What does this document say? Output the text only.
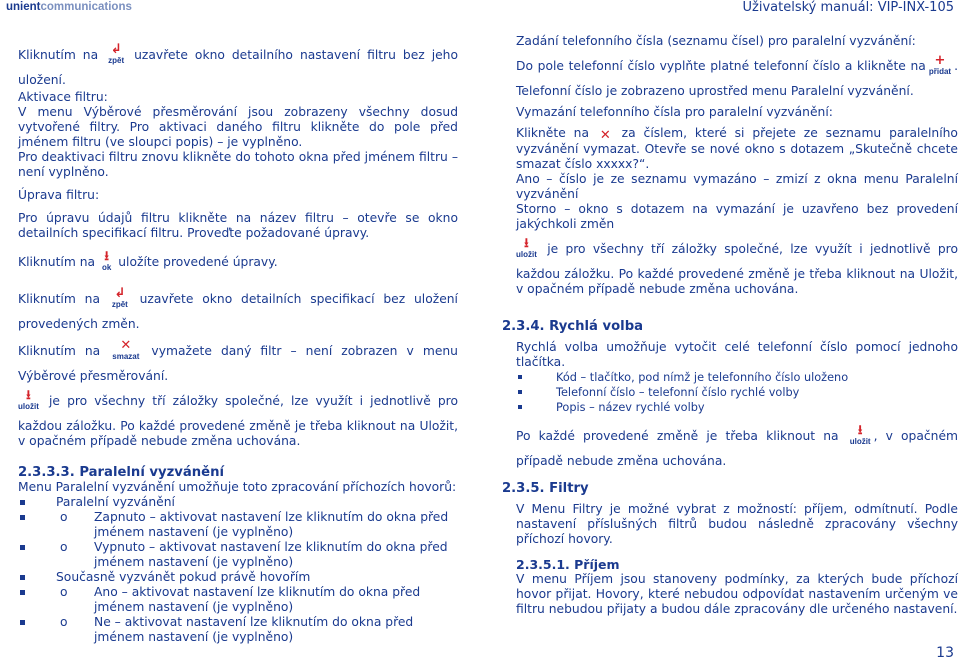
unientcommunications	Uživatelský manuál: VIP-INX-105

Kliknutím na ↲
zpět uzavřete okno detailního nastavení filtru bez jeho uložení.

Aktivace filtru:

V menu Výběrové přesměrování jsou zobrazeny všechny dosud vytvořené filtry. Pro aktivaci daného filtru klikněte do pole před jménem filtru (ve sloupci popis) – je vyplněno.

Pro deaktivaci filtru znovu klikněte do tohoto okna před jménem filtru – není vyplněno.

Úprava filtru:

Pro úpravu údajů filtru klikněte na název filtru – otevře se okno detailních specifikací filtru. Proveďte požadované úpravy.

Kliknutím na ⭳
ok uložíte provedené úpravy.

Kliknutím na ↲
zpět uzavřete okno detailních specifikací bez uložení provedených změn.

Kliknutím na ✕
smazat vymažete daný filtr – není zobrazen v menu Výběrové přesměrování.

⭳
uložit je pro všechny tří záložky společné, lze využít i jednotlivě pro každou záložku. Po každé provedené změně je třeba kliknout na Uložit, v opačném případě nebude změna uchována.

2.3.3.3. Paralelní vyzvánění

Menu Paralelní vyzvánění umožňuje toto zpracování příchozích hovorů:

Paralelní vyzvánění
o Zapnuto – aktivovat nastavení lze kliknutím do okna před jménem nastavení (je vyplněno)
o Vypnuto – aktivovat nastavení lze kliknutím do okna před jménem nastavení (je vyplněno)
Současně vyzvánět pokud právě hovořím
o Ano – aktivovat nastavení lze kliknutím do okna před jménem nastavení (je vyplněno)
o Ne – aktivovat nastavení lze kliknutím do okna před jménem nastavení (je vyplněno)

Zadání telefonního čísla (seznamu čísel) pro paralelní vyzvánění:

Do pole telefonní číslo vyplňte platné telefonní číslo a klikněte na +
přidat . Telefonní číslo je zobrazeno uprostřed menu Paralelní vyzvánění.

Vymazání telefonního čísla pro paralelní vyzvánění:

Klikněte na ✕ za číslem, které si přejete ze seznamu paralelního vyzvánění vymazat. Otevře se nové okno s dotazem „Skutečně chcete smazat číslo xxxxx?“.

Ano – číslo je ze seznamu vymazáno – zmizí z okna menu Paralelní vyzvánění

Storno – okno s dotazem na vymazání je uzavřeno bez provedení jakýchkoli změn

⭳
uložit je pro všechny tří záložky společné, lze využít i jednotlivě pro každou záložku. Po každé provedené změně je třeba kliknout na Uložit, v opačném případě nebude změna uchována.

2.3.4. Rychlá volba

Rychlá volba umožňuje vytočit celé telefonní číslo pomocí jednoho tlačítka.

Kód – tlačítko, pod nímž je telefonního číslo uloženo
Telefonní číslo – telefonní číslo rychlé volby
Popis – název rychlé volby

Po každé provedené změně je třeba kliknout na ⭳
uložit , v opačném případě nebude změna uchována.

2.3.5. Filtry

V Menu Filtry je možné vybrat z možností: příjem, odmítnutí. Podle nastavení příslušných filtrů budou následně zpracovány všechny příchozí hovory.

2.3.5.1. Příjem

V menu Příjem jsou stanoveny podmínky, za kterých bude příchozí hovor přijat. Hovory, které nebudou odpovídat nastavením určeným ve filtru nebudou přijaty a budou dále zpracovány dle určeného nastavení.

13
